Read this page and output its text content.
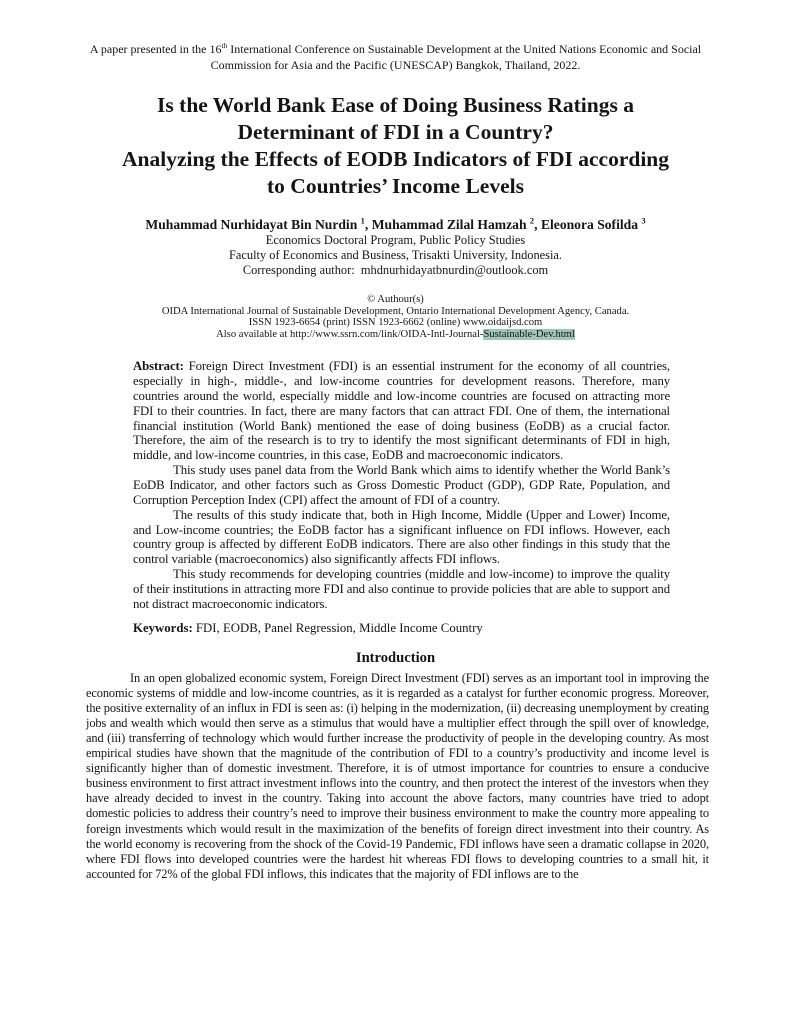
A paper presented in the 16th International Conference on Sustainable Development at the United Nations Economic and Social Commission for Asia and the Pacific (UNESCAP) Bangkok, Thailand, 2022.

Is the World Bank Ease of Doing Business Ratings a
Determinant of FDI in a Country?
Analyzing the Effects of EODB Indicators of FDI according
to Countries’ Income Levels

Muhammad Nurhidayat Bin Nurdin $^1$, Muhammad Zilal Hamzah $^2$, Eleonora Sofilda $^3$

Economics Doctoral Program, Public Policy Studies

Faculty of Economics and Business, Trisakti University, Indonesia.

Corresponding author: mhdnurhidayatbnurdin@outlook.com

© Authour(s)

OIDA International Journal of Sustainable Development, Ontario International Development Agency, Canada.

ISSN 1923-6654 (print) ISSN 1923-6662 (online) www.oidaijsd.com

Also available at http://www.ssrn.com/link/OIDA-Intl-Journal-Sustainable-Dev.html

Abstract: Foreign Direct Investment (FDI) is an essential instrument for the economy of all countries, especially in high-, middle-, and low-income countries for development reasons. Therefore, many countries around the world, especially middle and low-income countries are focused on attracting more FDI to their countries. In fact, there are many factors that can attract FDI. One of them, the international financial institution (World Bank) mentioned the ease of doing business (EoDB) as a crucial factor. Therefore, the aim of the research is to try to identify the most significant determinants of FDI in high, middle, and low-income countries, in this case, EoDB and macroeconomic indicators.

This study uses panel data from the World Bank which aims to identify whether the World Bank’s EoDB Indicator, and other factors such as Gross Domestic Product (GDP), GDP Rate, Population, and Corruption Perception Index (CPI) affect the amount of FDI of a country.

The results of this study indicate that, both in High Income, Middle (Upper and Lower) Income, and Low-income countries; the EoDB factor has a significant influence on FDI inflows. However, each country group is affected by different EoDB indicators. There are also other findings in this study that the control variable (macroeconomics) also significantly affects FDI inflows.

This study recommends for developing countries (middle and low-income) to improve the quality of their institutions in attracting more FDI and also continue to provide policies that are able to support and not distract macroeconomic indicators.

Keywords: FDI, EODB, Panel Regression, Middle Income Country

Introduction

In an open globalized economic system, Foreign Direct Investment (FDI) serves as an important tool in improving the economic systems of middle and low-income countries, as it is regarded as a catalyst for further economic progress. Moreover, the positive externality of an influx in FDI is seen as: (i) helping in the modernization, (ii) decreasing unemployment by creating jobs and wealth which would then serve as a stimulus that would have a multiplier effect through the spill over of knowledge, and (iii) transferring of technology which would further increase the productivity of people in the developing country. As most empirical studies have shown that the magnitude of the contribution of FDI to a country’s productivity and income level is significantly higher than of domestic investment. Therefore, it is of utmost importance for countries to ensure a conducive business environment to first attract investment inflows into the country, and then protect the interest of the investors when they have already decided to invest in the country. Taking into account the above factors, many countries have tried to adopt domestic policies to address their country’s need to improve their business environment to make the country more appealing to foreign investments which would result in the maximization of the benefits of foreign direct investment into their country. As the world economy is recovering from the shock of the Covid-19 Pandemic, FDI inflows have seen a dramatic collapse in 2020, where FDI flows into developed countries were the hardest hit whereas FDI flows to developing countries to a small hit, it accounted for 72% of the global FDI inflows, this indicates that the majority of FDI inflows are to the
